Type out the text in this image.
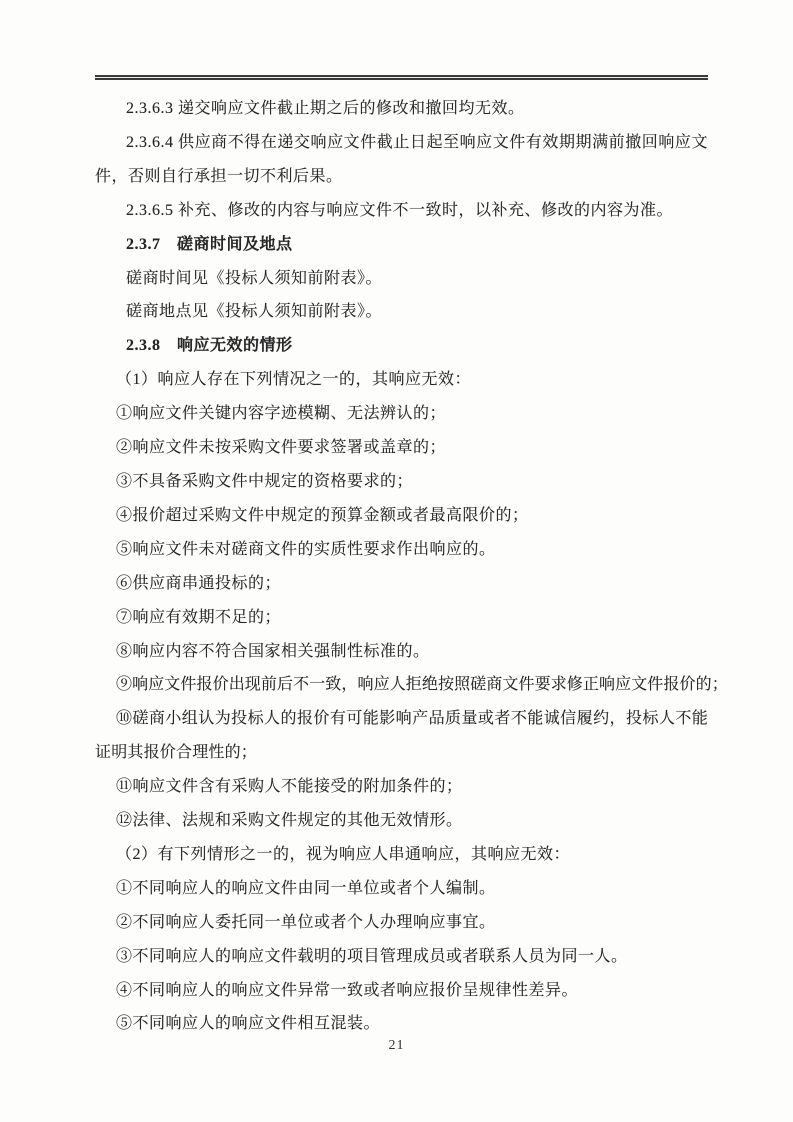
2.3.6.3 递交响应文件截止期之后的修改和撤回均无效。

2.3.6.4 供应商不得在递交响应文件截止日起至响应文件有效期期满前撤回响应文件，否则自行承担一切不利后果。

2.3.6.5 补充、修改的内容与响应文件不一致时，以补充、修改的内容为准。

2.3.7　磋商时间及地点

磋商时间见《投标人须知前附表》。

磋商地点见《投标人须知前附表》。

2.3.8　响应无效的情形

（1）响应人存在下列情况之一的，其响应无效：

①响应文件关键内容字迹模糊、无法辨认的；

②响应文件未按采购文件要求签署或盖章的；

③不具备采购文件中规定的资格要求的；

④报价超过采购文件中规定的预算金额或者最高限价的；

⑤响应文件未对磋商文件的实质性要求作出响应的。

⑥供应商串通投标的；

⑦响应有效期不足的；

⑧响应内容不符合国家相关强制性标准的。

⑨响应文件报价出现前后不一致，响应人拒绝按照磋商文件要求修正响应文件报价的；

⑩磋商小组认为投标人的报价有可能影响产品质量或者不能诚信履约，投标人不能证明其报价合理性的；

⑪响应文件含有采购人不能接受的附加条件的；

⑫法律、法规和采购文件规定的其他无效情形。

（2）有下列情形之一的，视为响应人串通响应，其响应无效：

①不同响应人的响应文件由同一单位或者个人编制。

②不同响应人委托同一单位或者个人办理响应事宜。

③不同响应人的响应文件载明的项目管理成员或者联系人员为同一人。

④不同响应人的响应文件异常一致或者响应报价呈规律性差异。

⑤不同响应人的响应文件相互混装。

21
